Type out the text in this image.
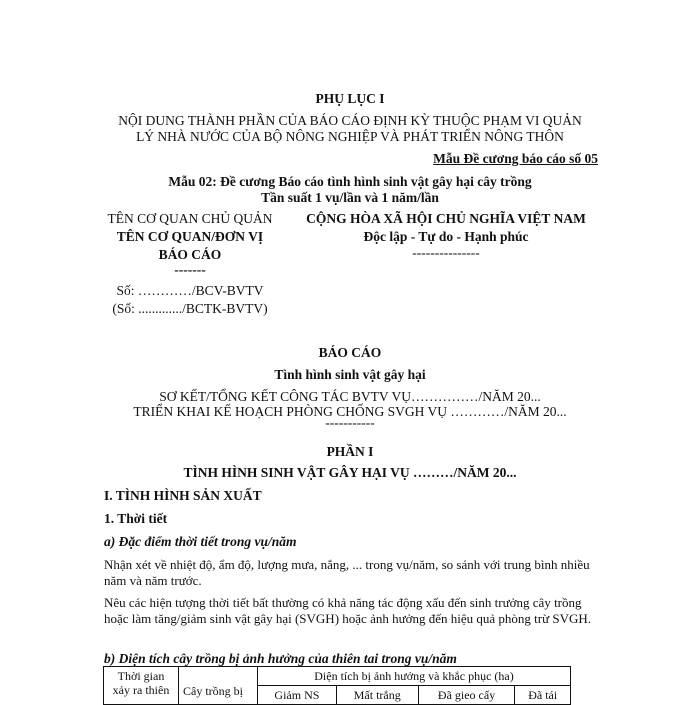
PHỤ LỤC I
NỘI DUNG THÀNH PHẦN CỦA BÁO CÁO ĐỊNH KỲ THUỘC PHẠM VI QUẢN
LÝ NHÀ NƯỚC CỦA BỘ NÔNG NGHIỆP VÀ PHÁT TRIỂN NÔNG THÔN
Mẫu Đề cương báo cáo số 05
Mẫu 02: Đề cương Báo cáo tình hình sinh vật gây hại cây trồng
Tần suất 1 vụ/lần và 1 năm/lần
TÊN CƠ QUAN CHỦ QUẢN
TÊN CƠ QUAN/ĐƠN VỊ
BÁO CÁO
-------
Số: …………/BCV-BVTV
(Số: ............./BCTK-BVTV)
CỘNG HÒA XÃ HỘI CHỦ NGHĨA VIỆT NAM
Độc lập - Tự do - Hạnh phúc
---------------
BÁO CÁO
Tình hình sinh vật gây hại
SƠ KẾT/TỔNG KẾT CÔNG TÁC BVTV VỤ……………/NĂM 20...
TRIỂN KHAI KẾ HOẠCH PHÒNG CHỐNG SVGH VỤ …………/NĂM 20...
-----------
PHẦN I
TÌNH HÌNH SINH VẬT GÂY HẠI VỤ ………/NĂM 20...
I. TÌNH HÌNH SẢN XUẤT
1. Thời tiết
a) Đặc điểm thời tiết trong vụ/năm
Nhận xét về nhiệt độ, ẩm độ, lượng mưa, nắng, ... trong vụ/năm, so sánh với trung bình nhiều năm và năm trước.
Nêu các hiện tượng thời tiết bất thường có khả năng tác động xấu đến sinh trưởng cây trồng hoặc làm tăng/giảm sinh vật gây hại (SVGH) hoặc ảnh hưởng đến hiệu quả phòng trừ SVGH.
b) Diện tích cây trồng bị ảnh hưởng của thiên tai trong vụ/năm
Thời gian
xảy ra thiên	Cây trồng bị	Diện tích bị ảnh hưởng và khắc phục (ha)			
		Giảm NS	Mất trắng	Đã gieo cấy	Đã tái
